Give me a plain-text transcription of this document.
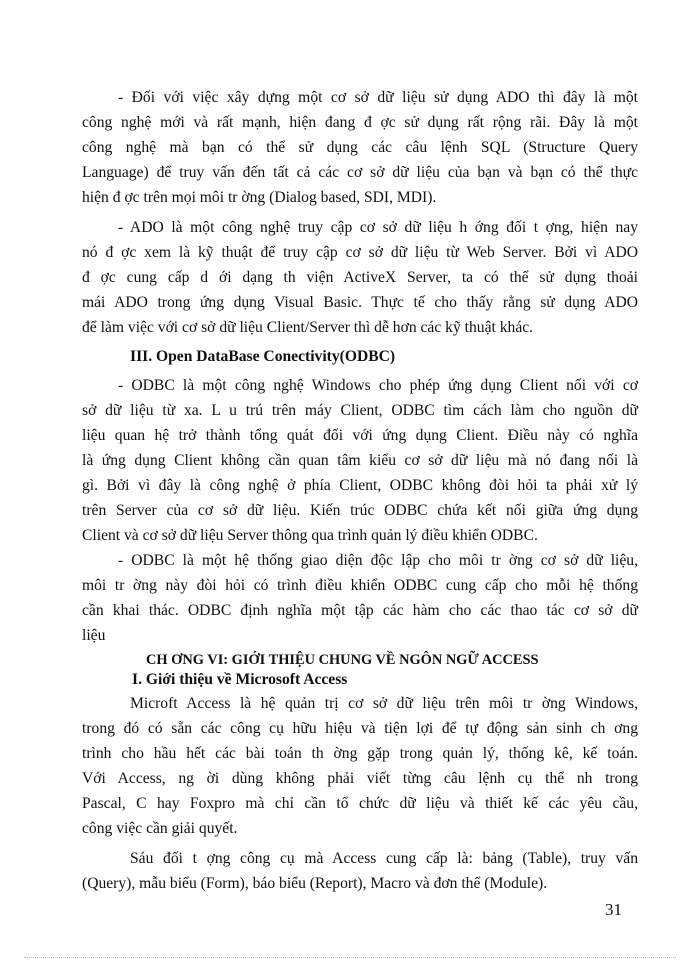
- Đối với việc xây dựng một cơ sở dữ liệu sử dụng ADO thì đây là một
công nghệ mới và rất mạnh, hiện đang đ ợc sử dụng rất rộng rãi. Đây là một
công nghệ mà bạn có thể sử dụng các câu lệnh SQL (Structure Query
Language) để truy vấn đến tất cả các cơ sở dữ liệu của bạn và bạn có thể thực
hiện đ ợc trên mọi môi tr ờng (Dialog based, SDI, MDI).
- ADO là một công nghệ truy cập cơ sở dữ liệu h ớng đối t ợng, hiện nay
nó đ ợc xem là kỹ thuật để truy cập cơ sở dữ liệu từ Web Server. Bởi vì ADO
đ ợc cung cấp d ới dạng th viện ActiveX Server, ta có thể sử dụng thoải
mái ADO trong ứng dụng Visual Basic. Thực tế cho thấy rằng sử dụng ADO
để làm việc với cơ sở dữ liệu Client/Server thì dễ hơn các kỹ thuật khác.
III. Open DataBase Conectivity(ODBC)
- ODBC là một công nghệ Windows cho phép ứng dụng Client nối với cơ
sở dữ liệu từ xa. L u trú trên máy Client, ODBC tìm cách làm cho nguồn dữ
liệu quan hệ trở thành tổng quát đối với ứng dụng Client. Điều này có nghĩa
là ứng dụng Client không cần quan tâm kiểu cơ sở dữ liệu mà nó đang nối là
gì. Bởi vì đây là công nghệ ở phía Client, ODBC không đòi hỏi ta phải xử lý
trên Server của cơ sở dữ liệu. Kiến trúc ODBC chứa kết nối giữa ứng dụng
Client và cơ sở dữ liệu Server thông qua trình quản lý điều khiển ODBC.
- ODBC là một hệ thống giao diện độc lập cho môi tr ờng cơ sở dữ liệu,
môi tr ờng này đòi hỏi có trình điều khiển ODBC cung cấp cho mỗi hệ thống
cần khai thác. ODBC định nghĩa một tập các hàm cho các thao tác cơ sở dữ
liệu
CH ƠNG VI: GIỚI THIỆU CHUNG VỀ NGÔN NGỮ ACCESS
I. Giới thiệu về Microsoft Access
Microft Access là hệ quản trị cơ sở dữ liệu trên môi tr ờng Windows,
trong đó có sẵn các công cụ hữu hiệu và tiện lợi để tự động sản sinh ch ơng
trình cho hầu hết các bài toán th ờng gặp trong quản lý, thống kê, kế toán.
Với Access, ng ời dùng không phải viết từng câu lệnh cụ thể nh trong
Pascal, C hay Foxpro mà chỉ cần tổ chức dữ liệu và thiết kế các yêu cầu,
công việc cần giải quyết.
Sáu đối t ợng công cụ mà Access cung cấp là: bảng (Table), truy vấn
(Query), mẫu biểu (Form), báo biểu (Report), Macro và đơn thể (Module).
31
